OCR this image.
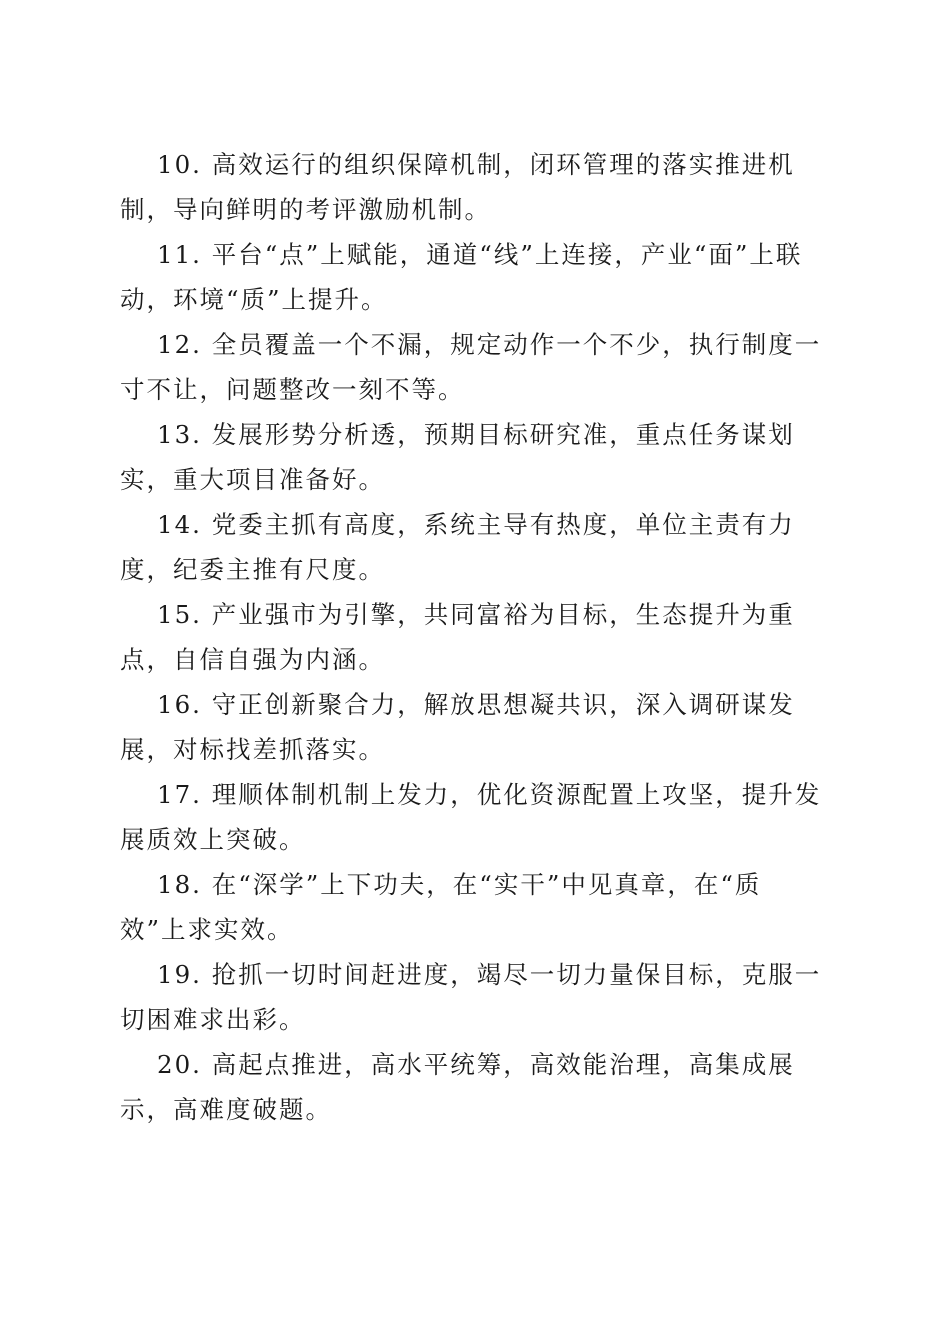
10. 高效运行的组织保障机制，闭环管理的落实推进机制，导向鲜明的考评激励机制。

11. 平台“点”上赋能，通道“线”上连接，产业“面”上联动，环境“质”上提升。

12. 全员覆盖一个不漏，规定动作一个不少，执行制度一寸不让，问题整改一刻不等。

13. 发展形势分析透，预期目标研究准，重点任务谋划实，重大项目准备好。

14. 党委主抓有高度，系统主导有热度，单位主责有力度，纪委主推有尺度。

15. 产业强市为引擎，共同富裕为目标，生态提升为重点，自信自强为内涵。

16. 守正创新聚合力，解放思想凝共识，深入调研谋发展，对标找差抓落实。

17. 理顺体制机制上发力，优化资源配置上攻坚，提升发展质效上突破。

18. 在“深学”上下功夫，在“实干”中见真章，在“质效”上求实效。

19. 抢抓一切时间赶进度，竭尽一切力量保目标，克服一切困难求出彩。

20. 高起点推进，高水平统筹，高效能治理，高集成展示，高难度破题。
